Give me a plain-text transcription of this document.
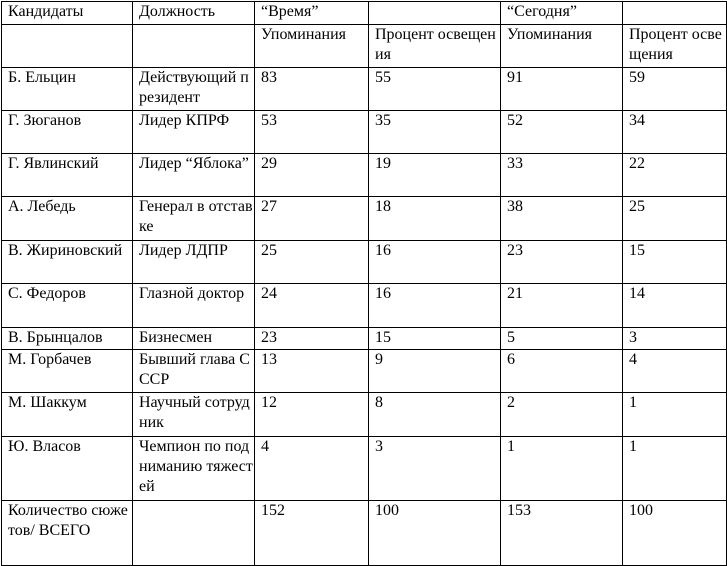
Кандидаты	Должность	“Время”		“Сегодня”	
		Упоминания	Процент освещения	Упоминания	Процент освещения
Б. Ельцин	Действующий президент	83	55	91	59
Г. Зюганов	Лидер КПРФ	53	35	52	34
Г. Явлинский	Лидер “Яблока”	29	19	33	22
А. Лебедь	Генерал в отставке	27	18	38	25
В. Жириновский	Лидер ЛДПР	25	16	23	15
С. Федоров	Глазной доктор	24	16	21	14
В. Брынцалов	Бизнесмен	23	15	5	3
М. Горбачев	Бывший глава СССР	13	9	6	4
М. Шаккум	Научный сотрудник	12	8	2	1
Ю. Власов	Чемпион по подниманию тяжестей	4	3	1	1
Количество сюжетов/ ВСЕГО		152	100	153	100
